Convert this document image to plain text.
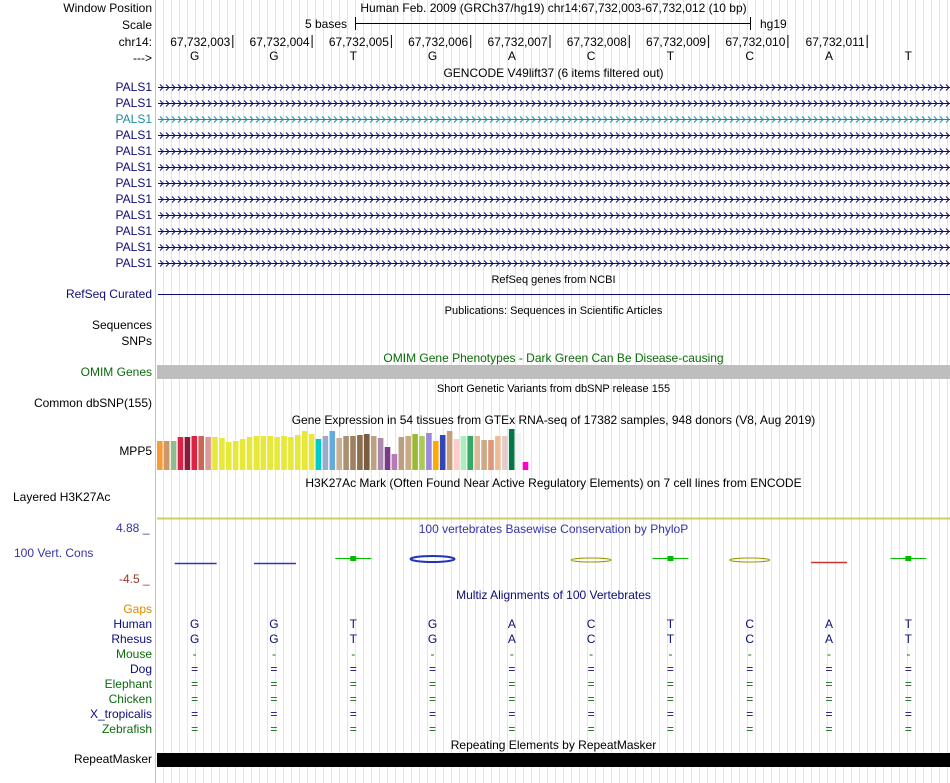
Window Position	Human Feb. 2009 (GRCh37/hg19) chr14:67,732,003-67,732,012 (10 bp)
Scale	5 bases	hg19
chr14:
--->
67,732,003	67,732,004	67,732,005	67,732,006	67,732,007	67,732,008	67,732,009	67,732,010	67,732,011
G	G	T	G	A	C	T	C	A	T
GENCODE V49lift37 (6 items filtered out)
PALS1
PALS1
PALS1
PALS1
PALS1
PALS1
PALS1
PALS1
PALS1
PALS1
PALS1
PALS1
RefSeq genes from NCBI
RefSeq Curated
Publications: Sequences in Scientific Articles
Sequences
SNPs
OMIM Gene Phenotypes - Dark Green Can Be Disease-causing
OMIM Genes
Short Genetic Variants from dbSNP release 155
Common dbSNP(155)
Gene Expression in 54 tissues from GTEx RNA-seq of 17382 samples, 948 donors (V8, Aug 2019)
MPP5
H3K27Ac Mark (Often Found Near Active Regulatory Elements) on 7 cell lines from ENCODE
Layered H3K27Ac
100 vertebrates Basewise Conservation by PhyloP
4.88 _
100 Vert. Cons
-4.5 _
Multiz Alignments of 100 Vertebrates
Gaps
Human	G	G	T	G	A	C	T	C	A	T
Rhesus	G	G	T	G	A	C	T	C	A	T
Mouse	-	-	-	-	-	-	-	-	-	-
Dog	=	=	=	=	=	=	=	=	=	=
Elephant	=	=	=	=	=	=	=	=	=	=
Chicken	=	=	=	=	=	=	=	=	=	=
X_tropicalis	=	=	=	=	=	=	=	=	=	=
Zebrafish	=	=	=	=	=	=	=	=	=	=
Repeating Elements by RepeatMasker
RepeatMasker
